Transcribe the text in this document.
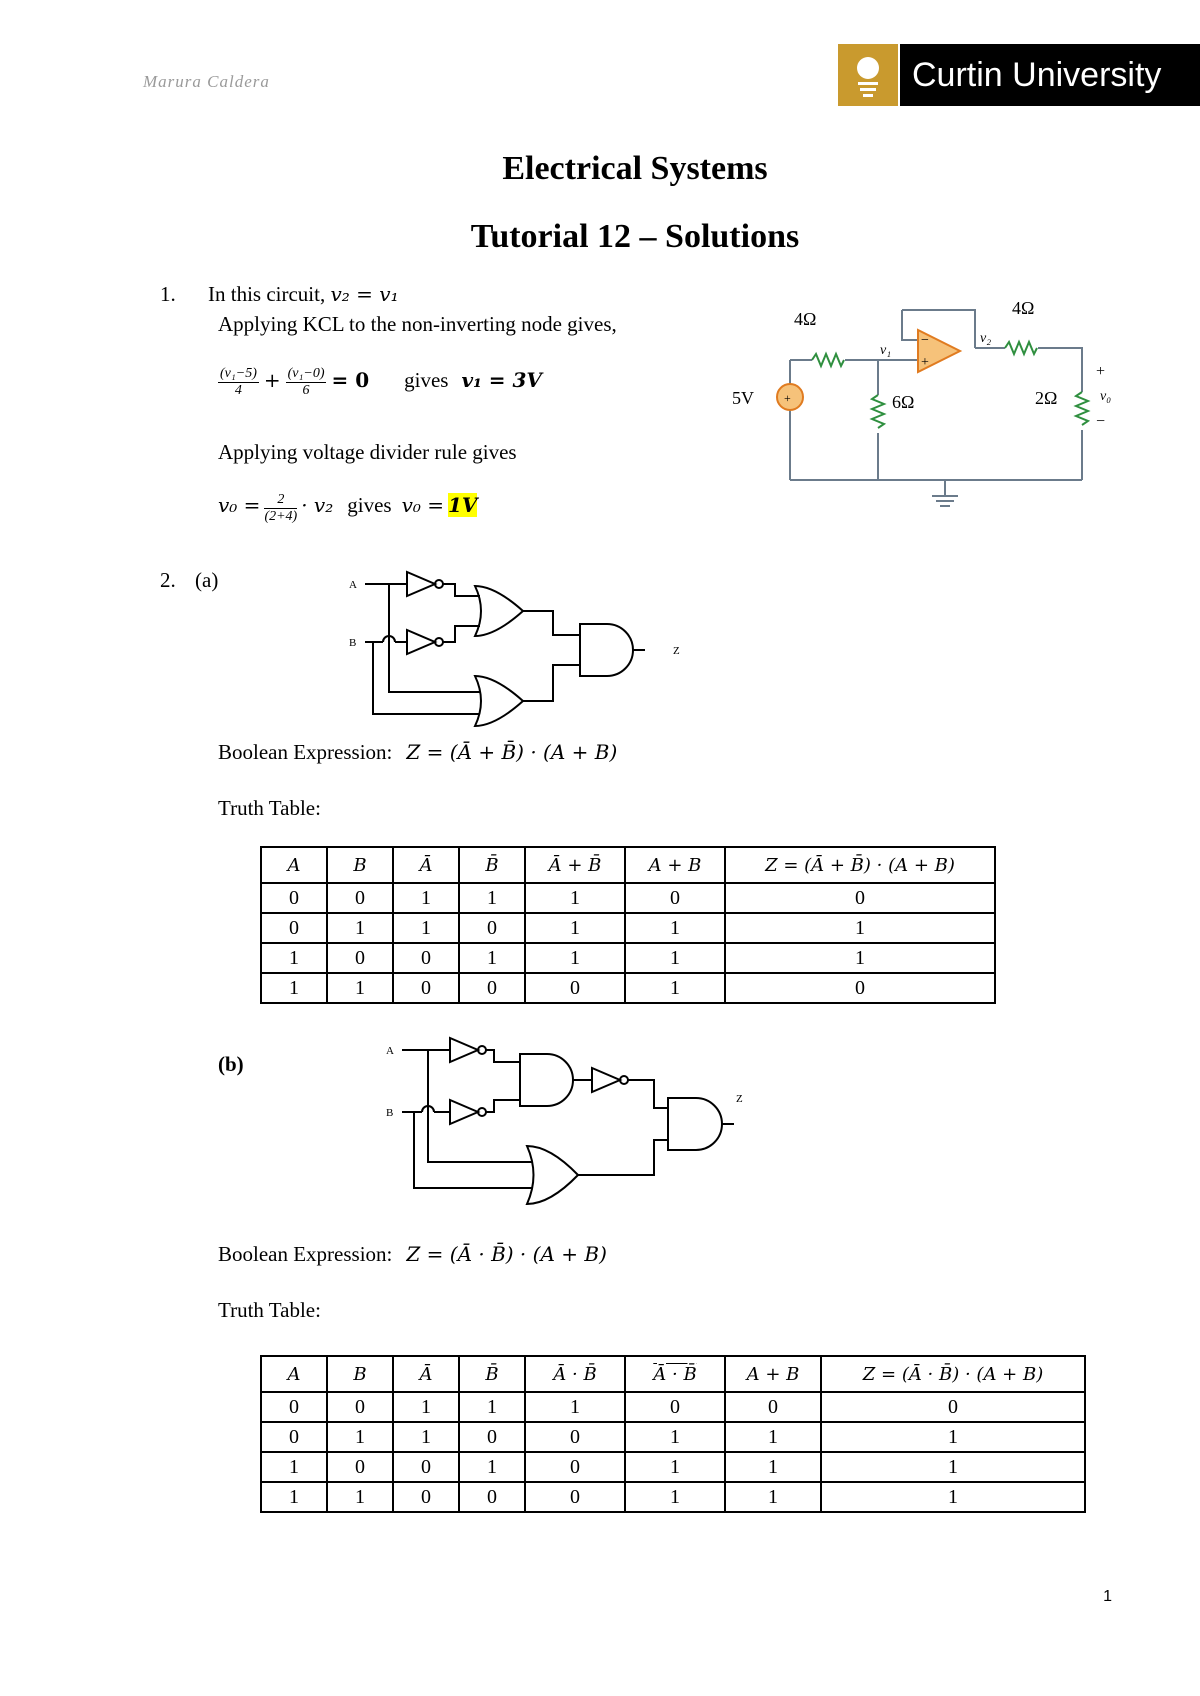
Marura Caldera	Curtin University
Electrical Systems
Tutorial 12 – Solutions
1. In this circuit, v₂ = v₁
Applying KCL to the non-inverting node gives,
$\frac{\text{(v₁−5)}}{4} + \frac{\text{(v₁−0)}}{6} = 0$ gives v₁ = 3V
Applying voltage divider rule gives
$v_0 = \frac{2}{(2+4)} \cdot v_2$ gives v₀ = 1V
4Ω
6Ω
4Ω
2Ω
5V
v₁
v₂
v₀
+
−
−
+
+
2. (a)	A
B
Z
Boolean Expression: Z = (Ā + B̄) · (A + B)
Truth Table:
A	B	Ā	B̄	Ā + B̄	A + B	Z = (Ā + B̄) · (A + B)
0	0	1	1	1	0	0
0	1	1	0	1	1	1
1	0	0	1	1	1	1
1	1	0	0	0	1	0
(b)
A
B
Z
Boolean Expression: Z = (Ā · B̄) · (A + B)
Truth Table:
A	B	Ā	B̄	Ā · B̄	Ā · B̄	A + B	Z = (Ā · B̄) · (A + B)
0	0	1	1	1	0	0	0
0	1	1	0	0	1	1	1
1	0	0	1	0	1	1	1
1	1	0	0	0	1	1	1
1
